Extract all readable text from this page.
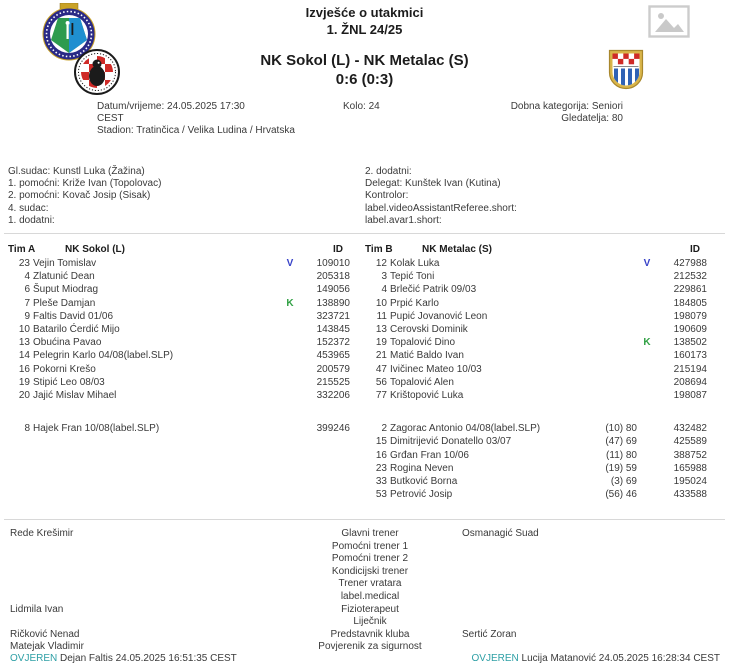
Izvješće o utakmici
1. ŽNL 24/25
NK Sokol (L) - NK Metalac (S)
0:6 (0:3)
Datum/vrijeme: 24.05.2025 17:30
CEST
Stadion: Tratinčica / Velika Ludina / Hrvatska
Kolo: 24	Dobna kategorija: Seniori
Gledatelja: 80
Gl.sudac: Kunstl Luka (Žažina)
1. pomoćni: Križe Ivan (Topolovac)
2. pomoćni: Kovač Josip (Sisak)
4. sudac:
1. dodatni:
2. dodatni:
Delegat: Kunštek Ivan (Kutina)
Kontrolor:
label.videoAssistantReferee.short:
label.avar1.short:
Tim A	NK Sokol (L)	ID
23 Vejin Tomislav	V	109010
4 Zlatunić Dean	205318
6 Šuput Miodrag	149056
7 Pleše Damjan	K	138890
9 Faltis David 01/06	323721
10 Batarilo Ćerdić Mijo	143845
13 Obućina Pavao	152372
14 Pelegrin Karlo 04/08(label.SLP)	453965
16 Pokorni Krešo	200579
19 Stipić Leo 08/03	215525
20 Jajić Mislav Mihael	332206
8 Hajek Fran 10/08(label.SLP)	399246
Tim B	NK Metalac (S)	ID
12 Kolak Luka	V	427988
3 Tepić Toni	212532
4 Brlečić Patrik 09/03	229861
10 Prpić Karlo	184805
11 Pupić Jovanović Leon	198079
13 Cerovski Dominik	190609
19 Topalović Dino	K	138502
21 Matić Baldo Ivan	160173
47 Ivičinec Mateo 10/03	215194
56 Topalović Alen	208694
77 Krištopović Luka	198087
2 Zagorac Antonio 04/08(label.SLP)	(10) 80	432482
15 Dimitrijević Donatello 03/07	(47) 69	425589
16 Grđan Fran 10/06	(11) 80	388752
23 Rogina Neven	(19) 59	165988
33 Butković Borna	(3) 69	195024
53 Petrović Josip	(56) 46	433588
Rede Krešimir	Glavni trener	Osmanagić Suad
Pomoćni trener 1
Pomoćni trener 2
Kondicijski trener
Trener vratara
label.medical
Lidmila Ivan	Fizioterapeut
Liječnik
Ričković Nenad	Predstavnik kluba	Sertić Zoran
Matejak Vladimir	Povjerenik za sigurnost
OVJEREN Dejan Faltis 24.05.2025 16:51:35 CEST	OVJEREN Lucija Matanović 24.05.2025 16:28:34 CEST
